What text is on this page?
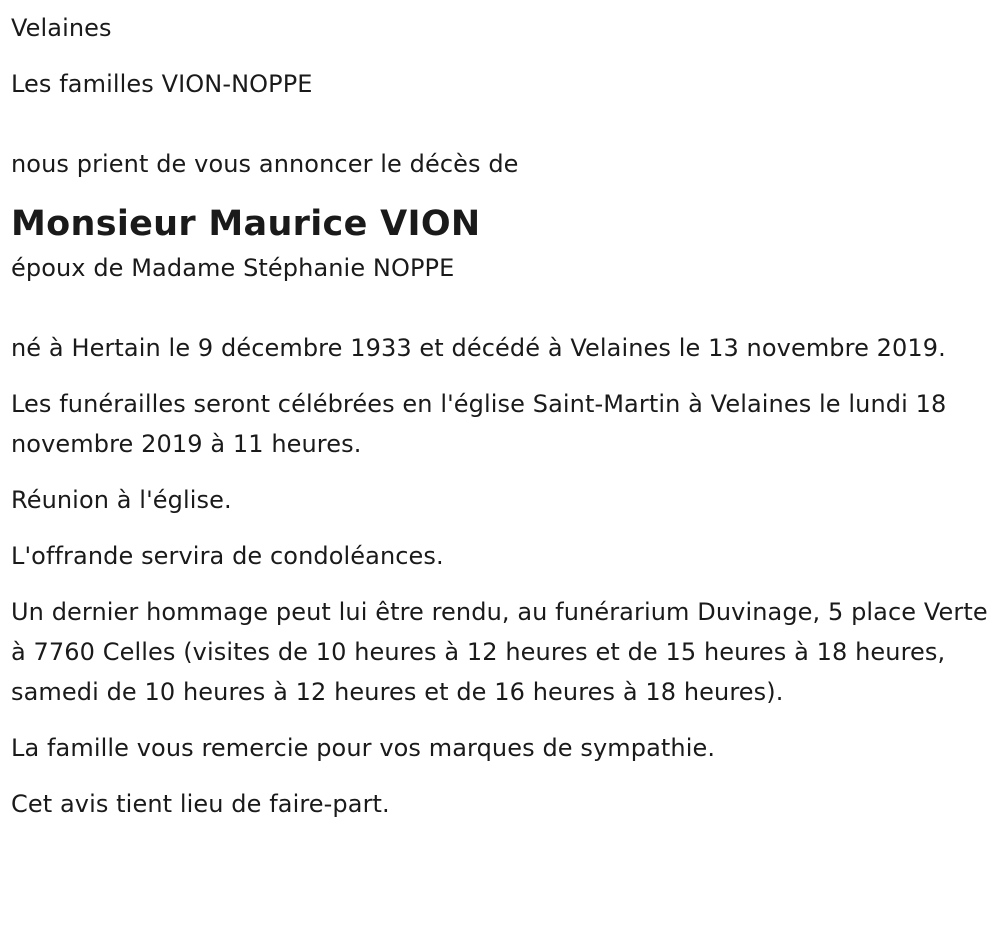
Velaines

Les familles VION-NOPPE

nous prient de vous annoncer le décès de

Monsieur Maurice VION

époux de Madame Stéphanie NOPPE

né à Hertain le 9 décembre 1933 et décédé à Velaines le 13 novembre 2019.

Les funérailles seront célébrées en l'église Saint-Martin à Velaines le lundi 18 novembre 2019 à 11 heures.

Réunion à l'église.

L'offrande servira de condoléances.

Un dernier hommage peut lui être rendu, au funérarium Duvinage, 5 place Verte à 7760 Celles (visites de 10 heures à 12 heures et de 15 heures à 18 heures, samedi de 10 heures à 12 heures et de 16 heures à 18 heures).

La famille vous remercie pour vos marques de sympathie.

Cet avis tient lieu de faire-part.
